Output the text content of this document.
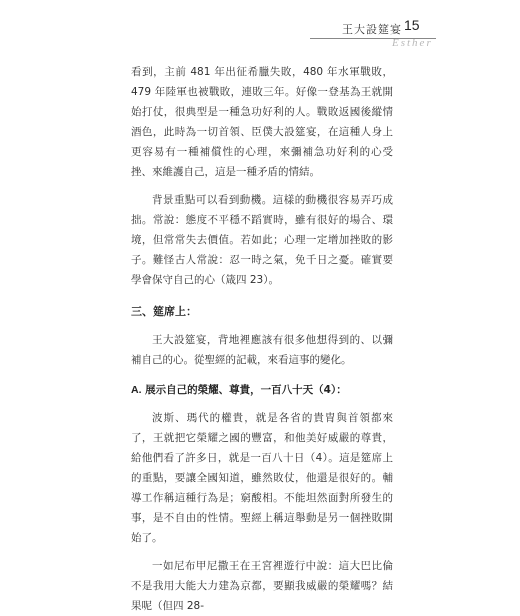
王大設筵宴 15
Esther

看到，主前 481 年出征希臘失敗，480 年水軍戰敗，479 年陸軍也被戰敗，連敗三年。好像一登基為王就開始打仗，很典型是一種急功好利的人。戰敗返國後縱情酒色，此時為一切首領、臣僕大設筵宴，在這種人身上更容易有一種補償性的心理，來彌補急功好利的心受挫、來維護自己，這是一種矛盾的情結。

背景重點可以看到動機。這樣的動機很容易弄巧成拙。常說：態度不平穩不蹈實時，雖有很好的場合、環境，但常常失去價值。若如此；心理一定增加挫敗的影子。難怪古人常說：忍一時之氣，免千日之憂。確實要學會保守自己的心（箴四 23）。

三、筵席上：

王大設筵宴，背地裡應該有很多他想得到的、以彌補自己的心。從聖經的記載，來看這事的變化。

A. 展示自己的榮耀、尊貴，一百八十天（4）：

波斯、瑪代的權貴，就是各省的貴胄與首領都來了，王就把它榮耀之國的豐富，和他美好威嚴的尊貴，給他們看了許多日，就是一百八十日（4）。這是筵席上的重點，要讓全國知道，雖然敗仗，他還是很好的。輔導工作稱這種行為是；窮酸相。不能坦然面對所發生的事，是不自由的性情。聖經上稱這舉動是另一個挫敗開始了。

一如尼布甲尼撒王在王宮裡遊行中說：這大巴比倫不是我用大能大力建為京都，要顯我威嚴的榮耀嗎？結果呢（但四 28-
